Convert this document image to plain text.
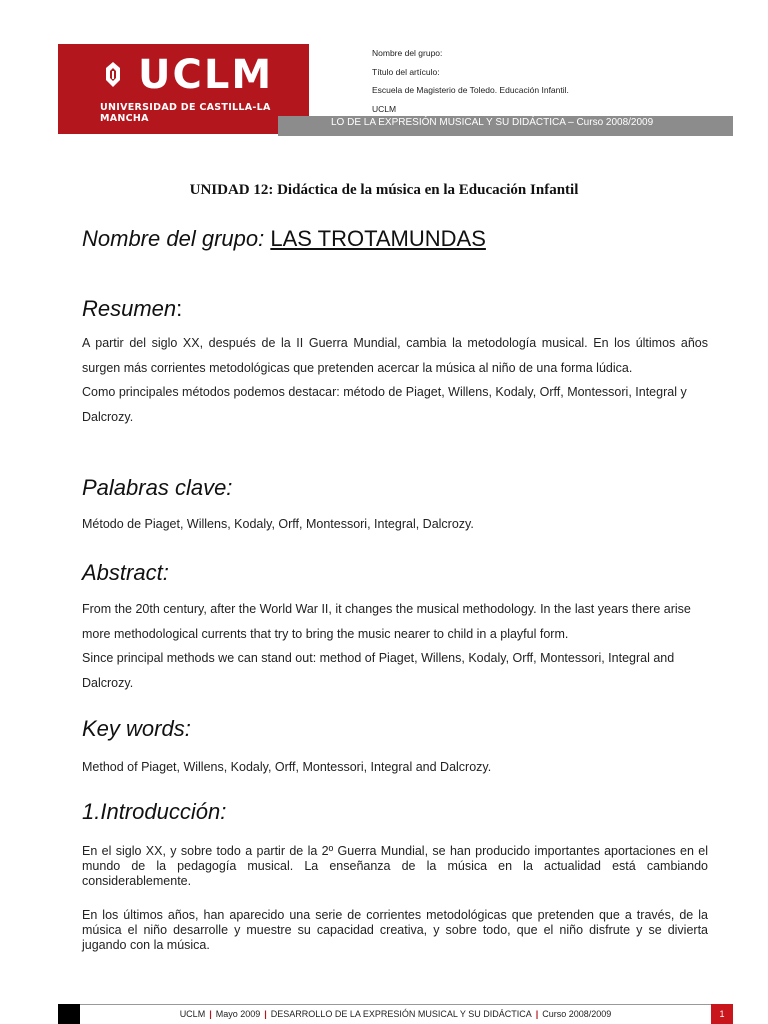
UCLM
UNIVERSIDAD DE CASTILLA-LA MANCHA	LO DE LA EXPRESIÓN MUSICAL Y SU DIDÁCTICA – Curso 2008/2009
Nombre del grupo:
Título del artículo:
Escuela de Magisterio de Toledo. Educación Infantil.
UCLM
UNIDAD 12: Didáctica de la música en la Educación Infantil
Nombre del grupo: LAS TROTAMUNDAS
Resumen:
A partir del siglo XX, después de la II Guerra Mundial, cambia la metodología musical. En los últimos años surgen más corrientes metodológicas que pretenden acercar la música al niño de una forma lúdica.
Como principales métodos podemos destacar: método de Piaget, Willens, Kodaly, Orff, Montessori, Integral y Dalcrozy.
Palabras clave:
Método de Piaget, Willens, Kodaly, Orff, Montessori, Integral, Dalcrozy.
Abstract:
From the 20th century, after the World War II, it changes the musical methodology. In the last years there arise more methodological currents that try to bring the music nearer to child in a playful form.
Since principal methods we can stand out: method of Piaget, Willens, Kodaly, Orff, Montessori, Integral and Dalcrozy.
Key words:
Method of Piaget, Willens, Kodaly, Orff, Montessori, Integral and Dalcrozy.
1.Introducción:
En el siglo XX, y sobre todo a partir de la 2º Guerra Mundial, se han producido importantes aportaciones en el mundo de la pedagogía musical. La enseñanza de la música en la actualidad está cambiando considerablemente.
En los últimos años, han aparecido una serie de corrientes metodológicas que pretenden que a través, de la música el niño desarrolle y muestre su capacidad creativa, y sobre todo, que el niño disfrute y se divierta jugando con la música.
UCLM | Mayo 2009 | DESARROLLO DE LA EXPRESIÓN MUSICAL Y SU DIDÁCTICA | Curso 2008/2009	1
